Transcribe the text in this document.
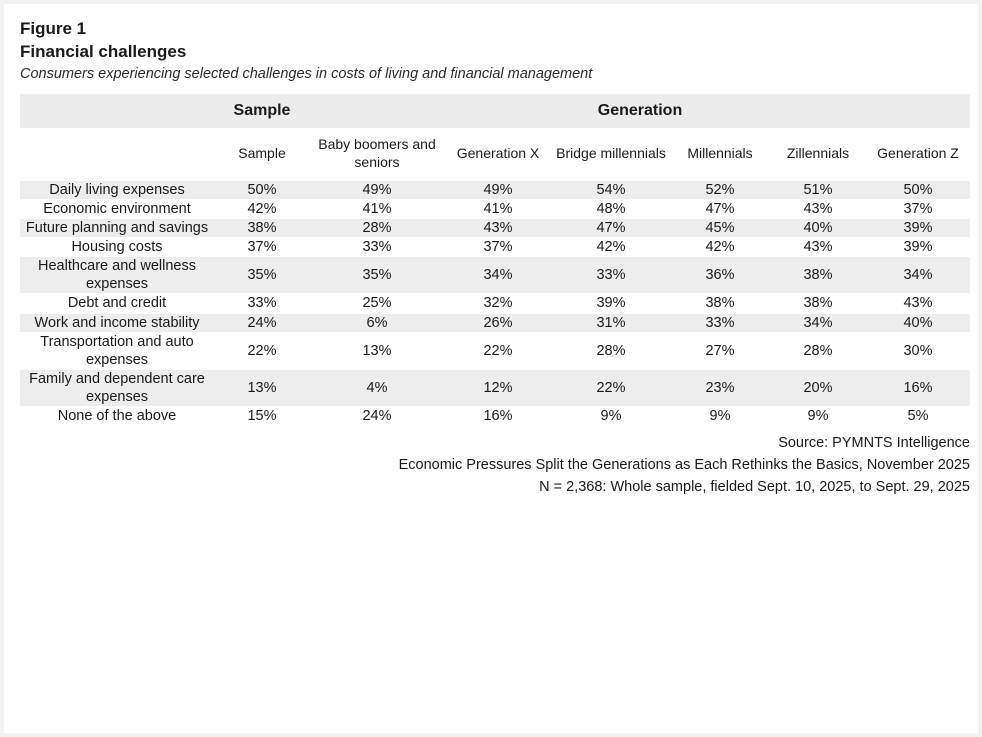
Figure 1
Financial challenges
Consumers experiencing selected challenges in costs of living and financial management
	Sample	Generation					
	Sample	Baby boomers and seniors	Generation X	Bridge millennials	Millennials	Zillennials	Generation Z
Daily living expenses	50%	49%	49%	54%	52%	51%	50%
Economic environment	42%	41%	41%	48%	47%	43%	37%
Future planning and savings	38%	28%	43%	47%	45%	40%	39%
Housing costs	37%	33%	37%	42%	42%	43%	39%
Healthcare and wellness expenses	35%	35%	34%	33%	36%	38%	34%
Debt and credit	33%	25%	32%	39%	38%	38%	43%
Work and income stability	24%	6%	26%	31%	33%	34%	40%
Transportation and auto expenses	22%	13%	22%	28%	27%	28%	30%
Family and dependent care expenses	13%	4%	12%	22%	23%	20%	16%
None of the above	15%	24%	16%	9%	9%	9%	5%
Source: PYMNTS Intelligence
Economic Pressures Split the Generations as Each Rethinks the Basics, November 2025
N = 2,368: Whole sample, fielded Sept. 10, 2025, to Sept. 29, 2025
